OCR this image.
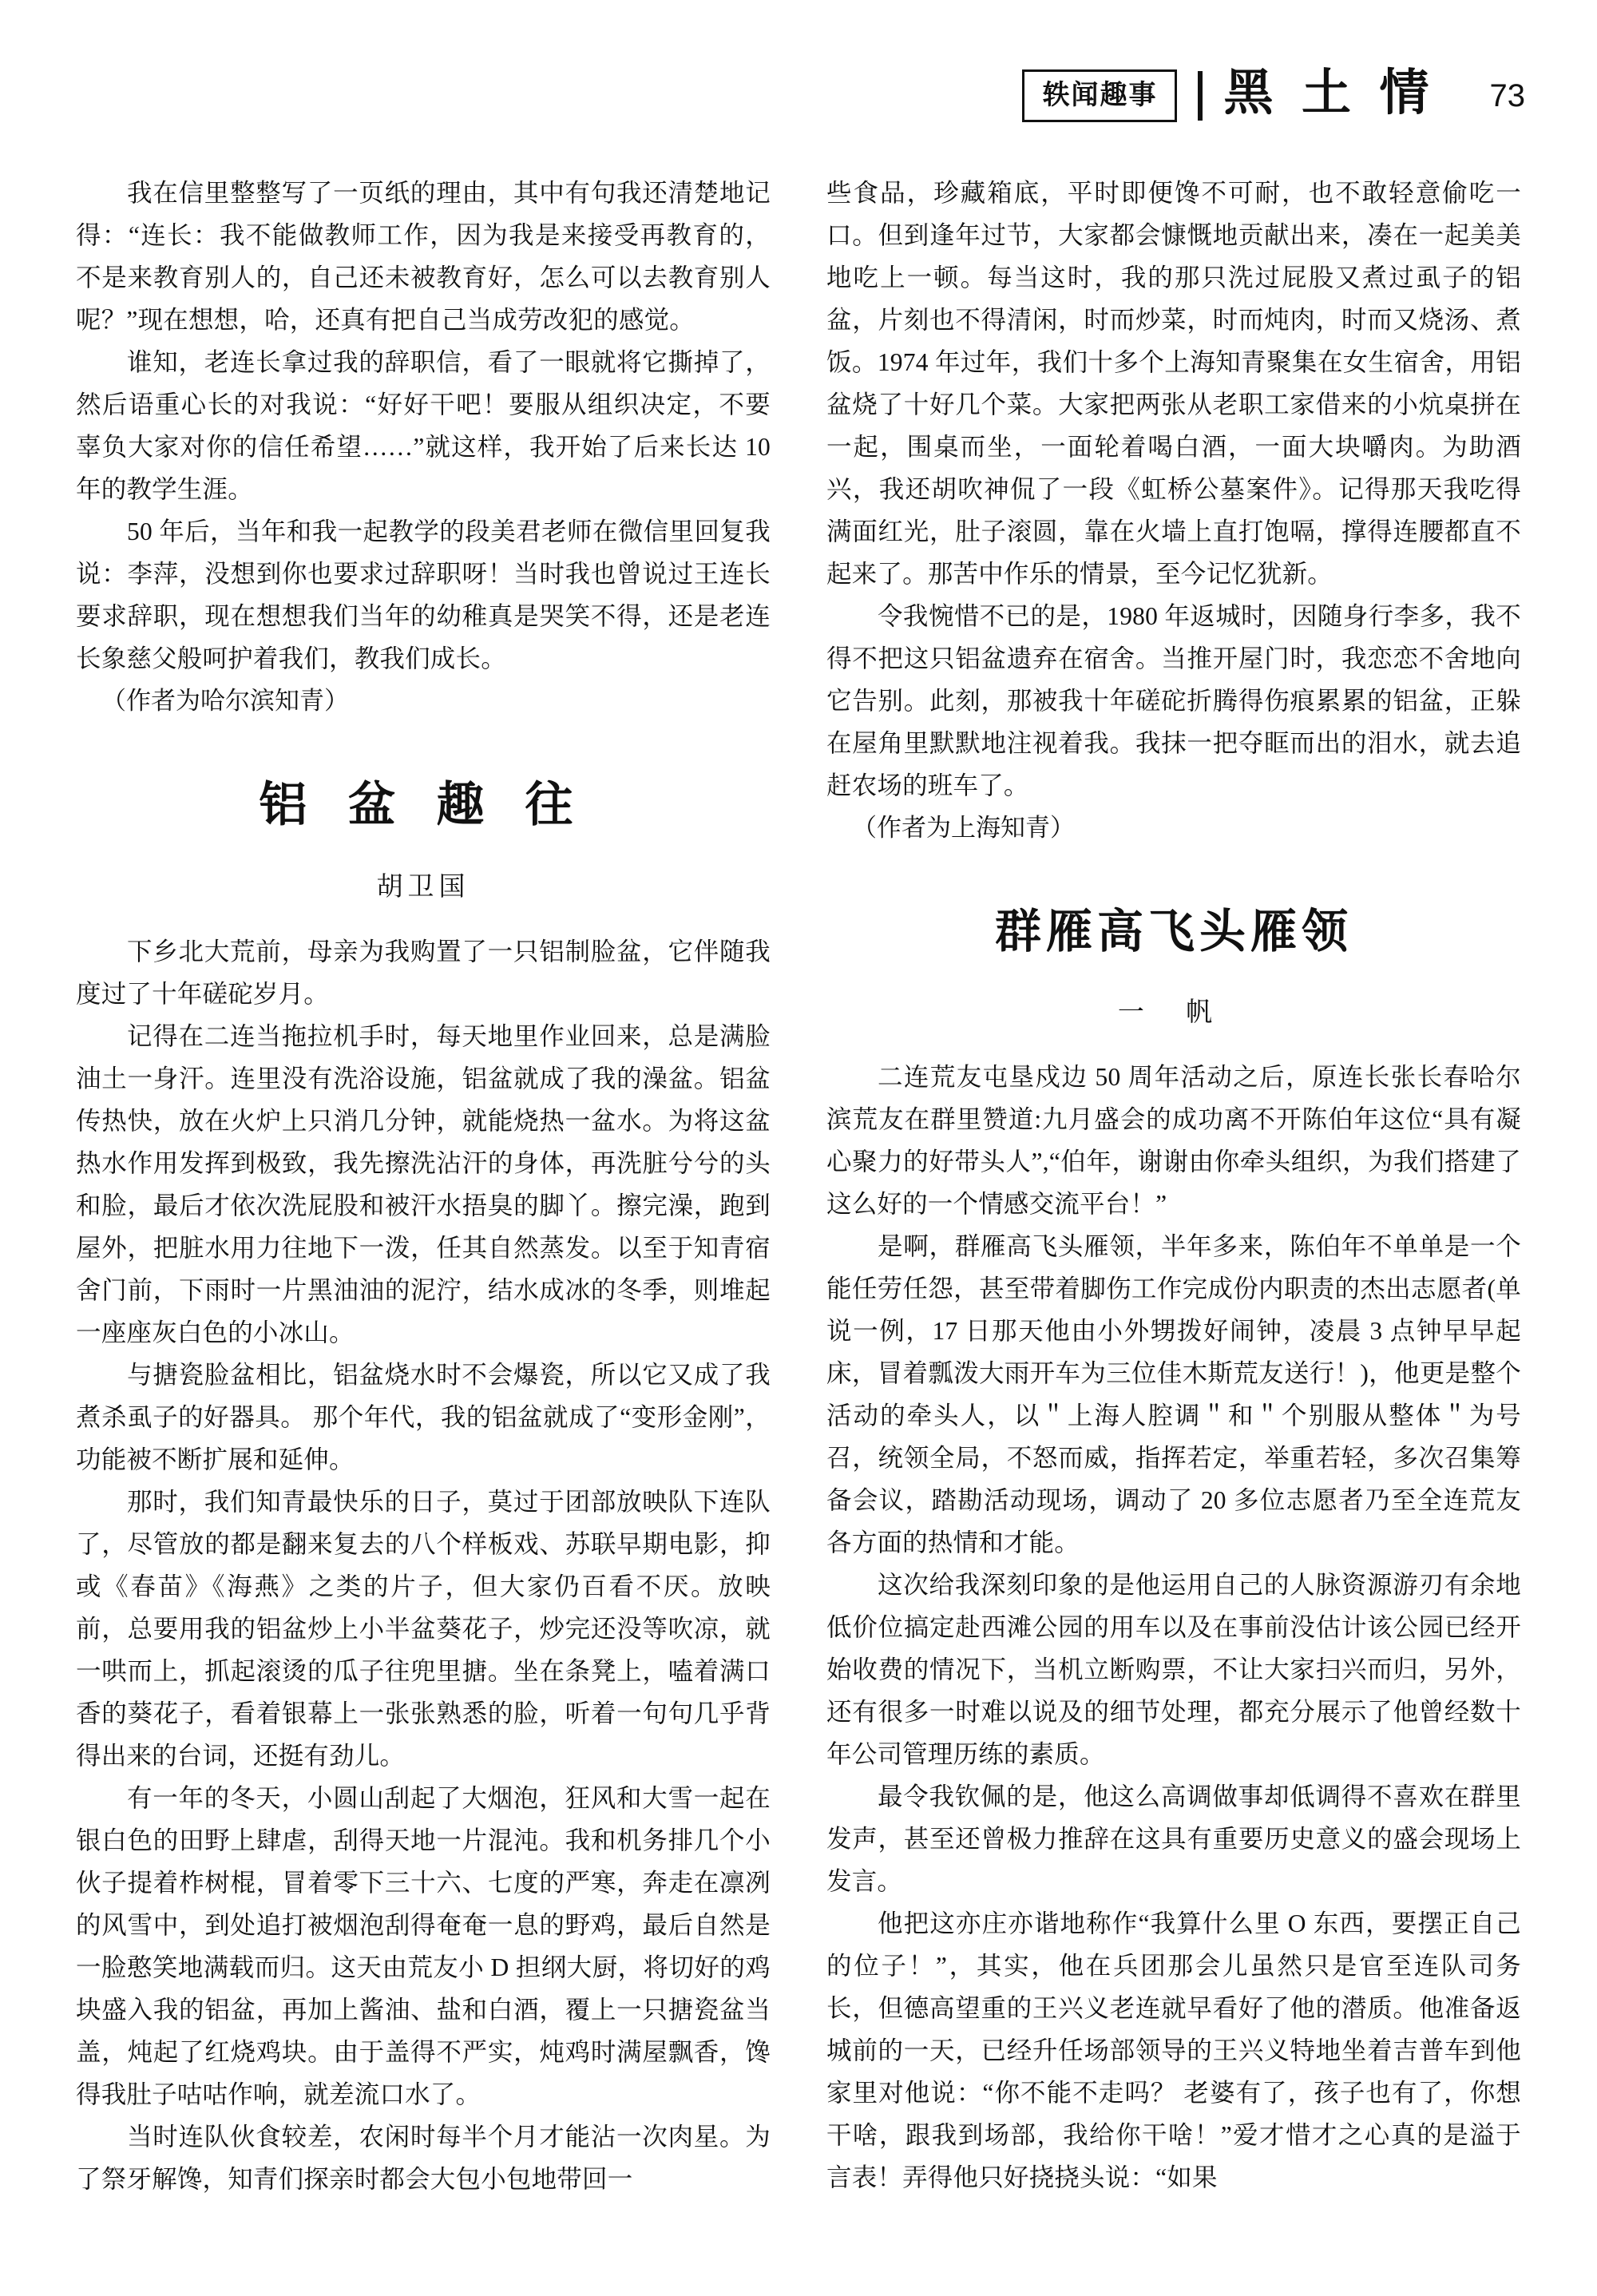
轶闻趣事	黑 土 情 73

我在信里整整写了一页纸的理由，其中有句我还清楚地记得：“连长：我不能做教师工作，因为我是来接受再教育的，不是来教育别人的，自己还未被教育好，怎么可以去教育别人呢？”现在想想，哈，还真有把自己当成劳改犯的感觉。

谁知，老连长拿过我的辞职信，看了一眼就将它撕掉了，然后语重心长的对我说：“好好干吧！要服从组织决定，不要辜负大家对你的信任希望……”就这样，我开始了后来长达 10 年的教学生涯。

50 年后，当年和我一起教学的段美君老师在微信里回复我说：李萍，没想到你也要求过辞职呀！当时我也曾说过王连长要求辞职，现在想想我们当年的幼稚真是哭笑不得，还是老连长象慈父般呵护着我们，教我们成长。

（作者为哈尔滨知青）

铝 盆 趣 往
胡卫国

下乡北大荒前，母亲为我购置了一只铝制脸盆，它伴随我度过了十年磋砣岁月。

记得在二连当拖拉机手时，每天地里作业回来，总是满脸油土一身汗。连里没有洗浴设施，铝盆就成了我的澡盆。铝盆传热快，放在火炉上只消几分钟，就能烧热一盆水。为将这盆热水作用发挥到极致，我先擦洗沾汗的身体，再洗脏兮兮的头和脸，最后才依次洗屁股和被汗水捂臭的脚丫。擦完澡，跑到屋外，把脏水用力往地下一泼，任其自然蒸发。以至于知青宿舍门前，下雨时一片黑油油的泥泞，结水成冰的冬季，则堆起一座座灰白色的小冰山。

与搪瓷脸盆相比，铝盆烧水时不会爆瓷，所以它又成了我煮杀虱子的好器具。 那个年代，我的铝盆就成了“变形金刚”，功能被不断扩展和延伸。

那时，我们知青最快乐的日子，莫过于团部放映队下连队了，尽管放的都是翻来复去的八个样板戏、苏联早期电影，抑或《春苗》《海燕》之类的片子，但大家仍百看不厌。放映前，总要用我的铝盆炒上小半盆葵花子，炒完还没等吹凉，就一哄而上，抓起滚烫的瓜子往兜里搪。坐在条凳上，嗑着满口香的葵花子，看着银幕上一张张熟悉的脸，听着一句句几乎背得出来的台词，还挺有劲儿。

有一年的冬天，小圆山刮起了大烟泡，狂风和大雪一起在银白色的田野上肆虐，刮得天地一片混沌。我和机务排几个小伙子提着柞树棍，冒着零下三十六、七度的严寒，奔走在凛冽的风雪中，到处追打被烟泡刮得奄奄一息的野鸡，最后自然是一脸憨笑地满载而归。这天由荒友小 D 担纲大厨，将切好的鸡块盛入我的铝盆，再加上酱油、盐和白酒，覆上一只搪瓷盆当盖，炖起了红烧鸡块。由于盖得不严实，炖鸡时满屋飘香，馋得我肚子咕咕作响，就差流口水了。

当时连队伙食较差，农闲时每半个月才能沾一次肉星。为了祭牙解馋，知青们探亲时都会大包小包地带回一

些食品，珍藏箱底，平时即便馋不可耐，也不敢轻意偷吃一口。但到逢年过节，大家都会慷慨地贡献出来，凑在一起美美地吃上一顿。每当这时，我的那只洗过屁股又煮过虱子的铝盆，片刻也不得清闲，时而炒菜，时而炖肉，时而又烧汤、煮饭。1974 年过年，我们十多个上海知青聚集在女生宿舍，用铝盆烧了十好几个菜。大家把两张从老职工家借来的小炕桌拼在一起，围桌而坐，一面轮着喝白酒，一面大块嚼肉。为助酒兴，我还胡吹神侃了一段《虹桥公墓案件》。记得那天我吃得满面红光，肚子滚圆，靠在火墙上直打饱嗝，撑得连腰都直不起来了。那苦中作乐的情景，至今记忆犹新。

令我惋惜不已的是，1980 年返城时，因随身行李多，我不得不把这只铝盆遗弃在宿舍。当推开屋门时，我恋恋不舍地向它告别。此刻，那被我十年磋砣折腾得伤痕累累的铝盆，正躲在屋角里默默地注视着我。我抹一把夺眶而出的泪水，就去追赶农场的班车了。

（作者为上海知青）

群雁高飞头雁领
一 帆

二连荒友屯垦戍边 50 周年活动之后，原连长张长春哈尔滨荒友在群里赞道:九月盛会的成功离不开陈伯年这位“具有凝心聚力的好带头人”,“伯年，谢谢由你牵头组织，为我们搭建了这么好的一个情感交流平台！”

是啊，群雁高飞头雁领，半年多来，陈伯年不单单是一个能任劳任怨，甚至带着脚伤工作完成份内职责的杰出志愿者(单说一例，17 日那天他由小外甥拨好闹钟，凌晨 3 点钟早早起床，冒着瓢泼大雨开车为三位佳木斯荒友送行！)，他更是整个活动的牵头人，以＂上海人腔调＂和＂个别服从整体＂为号召，统领全局，不怒而威，指挥若定，举重若轻，多次召集筹备会议，踏勘活动现场，调动了 20 多位志愿者乃至全连荒友各方面的热情和才能。

这次给我深刻印象的是他运用自己的人脉资源游刃有余地低价位搞定赴西滩公园的用车以及在事前没估计该公园已经开始收费的情况下，当机立断购票，不让大家扫兴而归，另外，还有很多一时难以说及的细节处理，都充分展示了他曾经数十年公司管理历练的素质。

最令我钦佩的是，他这么高调做事却低调得不喜欢在群里发声，甚至还曾极力推辞在这具有重要历史意义的盛会现场上发言。

他把这亦庄亦谐地称作“我算什么里 O 东西，要摆正自己的位子！”，其实，他在兵团那会儿虽然只是官至连队司务长，但德高望重的王兴义老连就早看好了他的潜质。他准备返城前的一天，已经升任场部领导的王兴义特地坐着吉普车到他家里对他说：“你不能不走吗？ 老婆有了，孩子也有了，你想干啥，跟我到场部，我给你干啥！”爱才惜才之心真的是溢于言表！弄得他只好挠挠头说：“如果
